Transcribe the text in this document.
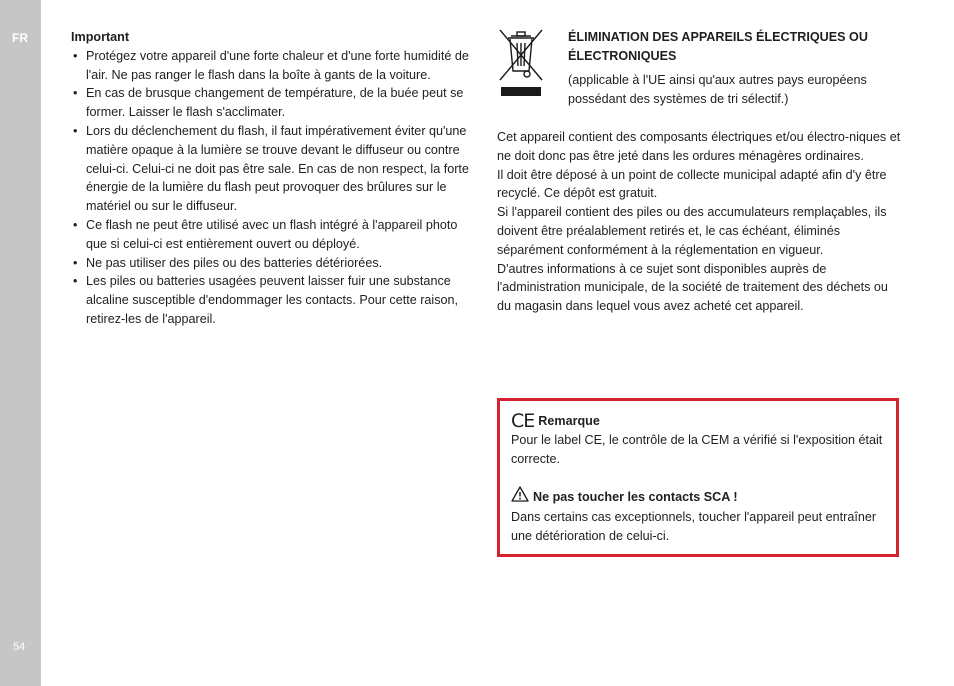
FR
54
Important
• Protégez votre appareil d'une forte chaleur et d'une forte humidité de l'air. Ne pas ranger le flash dans la boîte à gants de la voiture.
• En cas de brusque changement de température, de la buée peut se former. Laisser le flash s'acclimater.
• Lors du déclenchement du flash, il faut impérativement éviter qu'une matière opaque à la lumière se trouve devant le diffuseur ou contre celui-ci. Celui-ci ne doit pas être sale. En cas de non respect, la forte énergie de la lumière du flash peut provoquer des brûlures sur le matériel ou sur le diffuseur.
• Ce flash ne peut être utilisé avec un flash intégré à l'appareil photo que si celui-ci est entièrement ouvert ou déployé.
• Ne pas utiliser des piles ou des batteries détériorées.
• Les piles ou batteries usagées peuvent laisser fuir une substance alcaline susceptible d'endommager les contacts. Pour cette raison, retirez-les de l'appareil.
ÉLIMINATION DES APPAREILS ÉLECTRIQUES OU ÉLECTRONIQUES
(applicable à l'UE ainsi qu'aux autres pays européens possédant des systèmes de tri sélectif.)

Cet appareil contient des composants électriques et/ou électro-niques et ne doit donc pas être jeté dans les ordures ménagères ordinaires.

Il doit être déposé à un point de collecte municipal adapté afin d'y être recyclé. Ce dépôt est gratuit.

Si l'appareil contient des piles ou des accumulateurs remplaçables, ils doivent être préalablement retirés et, le cas échéant, éliminés séparément conformément à la réglementation en vigueur.

D'autres informations à ce sujet sont disponibles auprès de l'administration municipale, de la société de traitement des déchets ou du magasin dans lequel vous avez acheté cet appareil.

CE Remarque
Pour le label CE, le contrôle de la CEM a vérifié si l'exposition était correcte.
Ne pas toucher les contacts SCA !
Dans certains cas exceptionnels, toucher l'appareil peut entraîner une détérioration de celui-ci.
